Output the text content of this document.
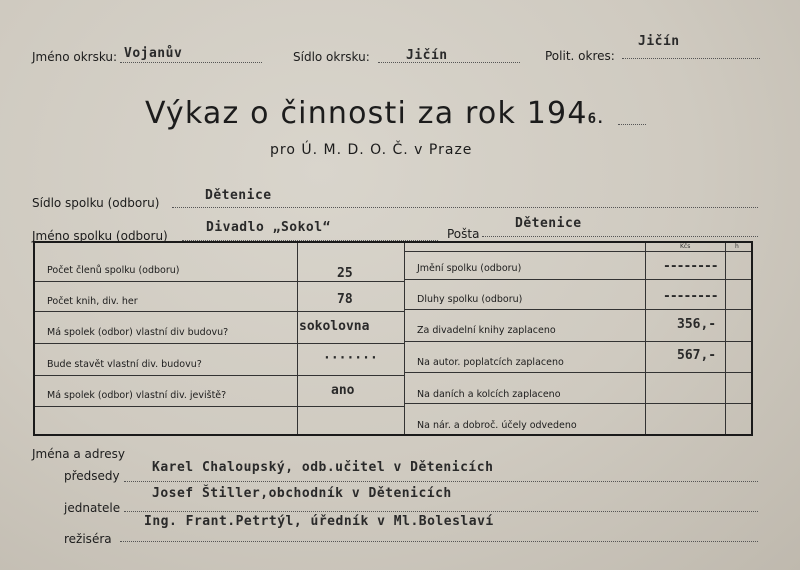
Jméno okrsku: Vojanův	Sídlo okrsku:	Jičín	Polit. okres:
Jičín
Výkaz o činnosti za rok 1946.
pro Ú. M. D. O. Č. v Praze
Sídlo spolku (odboru)	Dětenice
Jméno spolku (odboru)
Divadlo „Sokol“	Pošta
Dětenice
Kčs	h
Počet členů spolku (odboru)	25
Počet knih, div. her	78
Má spolek (odbor) vlastní div budovu?	sokolovna
Bude stavět vlastní div. budovu?	·······
Má spolek (odbor) vlastní div. jeviště?	ano
Jmění spolku (odboru)	--------
Dluhy spolku (odboru)	--------
Za divadelní knihy zaplaceno	356,-
Na autor. poplatcích zaplaceno	567,-
Na daních a kolcích zaplaceno
Na nár. a dobroč. účely odvedeno
Jména a adresy
předsedy
Karel Chaloupský, odb.učitel v Dětenicích
jednatele
Josef Štiller,obchodník v Dětenicích
režiséra
Ing. Frant.Petrtýl, úředník v Ml.Boleslaví
